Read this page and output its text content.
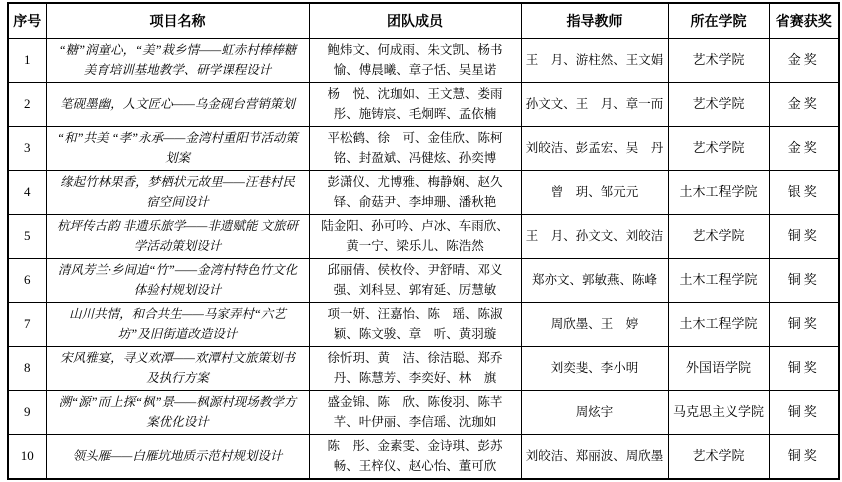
序号	项目名称	团队成员	指导教师	所在学院	省赛获奖
1	“糖”润童心，“美”栽乡情——虹赤村棒棒糖美育培训基地教学、研学课程设计	鲍炜文、何成雨、朱文凯、杨书愉、傅晨曦、章子恬、吴星诺	王　月、游柱然、王文娟	艺术学院	金奖
2	笔砚墨幽，人文匠心——乌金砚台营销策划	杨　悦、沈珈如、王文慧、娄雨彤、施铸宸、毛炯晖、孟依楠	孙文文、王　月、章一而	艺术学院	金奖
3	“和”共美 “孝”永承——金湾村重阳节活动策划案	平松鹤、徐　可、金佳欣、陈柯铭、封盈斌、冯健炫、孙奕博	刘皎洁、彭孟宏、吴　丹	艺术学院	金奖
4	缘起竹林果香，梦栖状元故里——汪巷村民宿空间设计	彭潇仪、尤博雅、梅静娴、赵久铎、俞菇尹、李坤珊、潘秋艳	曾　玥、邹元元	土木工程学院	银奖
5	杭坪传古韵 非遗乐旅学——非遗赋能 文旅研学活动策划设计	陆金阳、孙可吟、卢冰、车雨欣、黄一宁、梁乐儿、陈浩然	王　月、孙文文、刘皎洁	艺术学院	铜奖
6	清风芳兰·乡间追“竹”——金湾村特色竹文化体验村规划设计	邱丽倩、侯枚伶、尹舒晴、邓义强、刘科昱、郭宥延、厉慧敏	郑亦文、郭敏燕、陈峰	土木工程学院	铜奖
7	山川共情，和合共生——马家弄村“六艺坊”及旧街道改造设计	项一妍、汪嘉怡、陈　瑶、陈淑颖、陈文骏、章　听、黄羽璇	周欣墨、王　婷	土木工程学院	铜奖
8	宋风雅宴，寻义欢潭——欢潭村文旅策划书及执行方案	徐忻玥、黄　洁、徐洁聪、郑乔丹、陈慧芳、李奕好、林　旗	刘奕斐、李小明	外国语学院	铜奖
9	溯“源”而上探“枫”景——枫源村现场教学方案优化设计	盛金锦、陈　欣、陈俊羽、陈芊芊、叶伊丽、李信瑶、沈珈如	周炫宇	马克思主义学院	铜奖
10	领头雁——白雁坑地质示范村规划设计	陈　彤、金素雯、金诗琪、彭苏畅、王梓仪、赵心怡、董可欣	刘皎洁、郑丽波、周欣墨	艺术学院	铜奖
